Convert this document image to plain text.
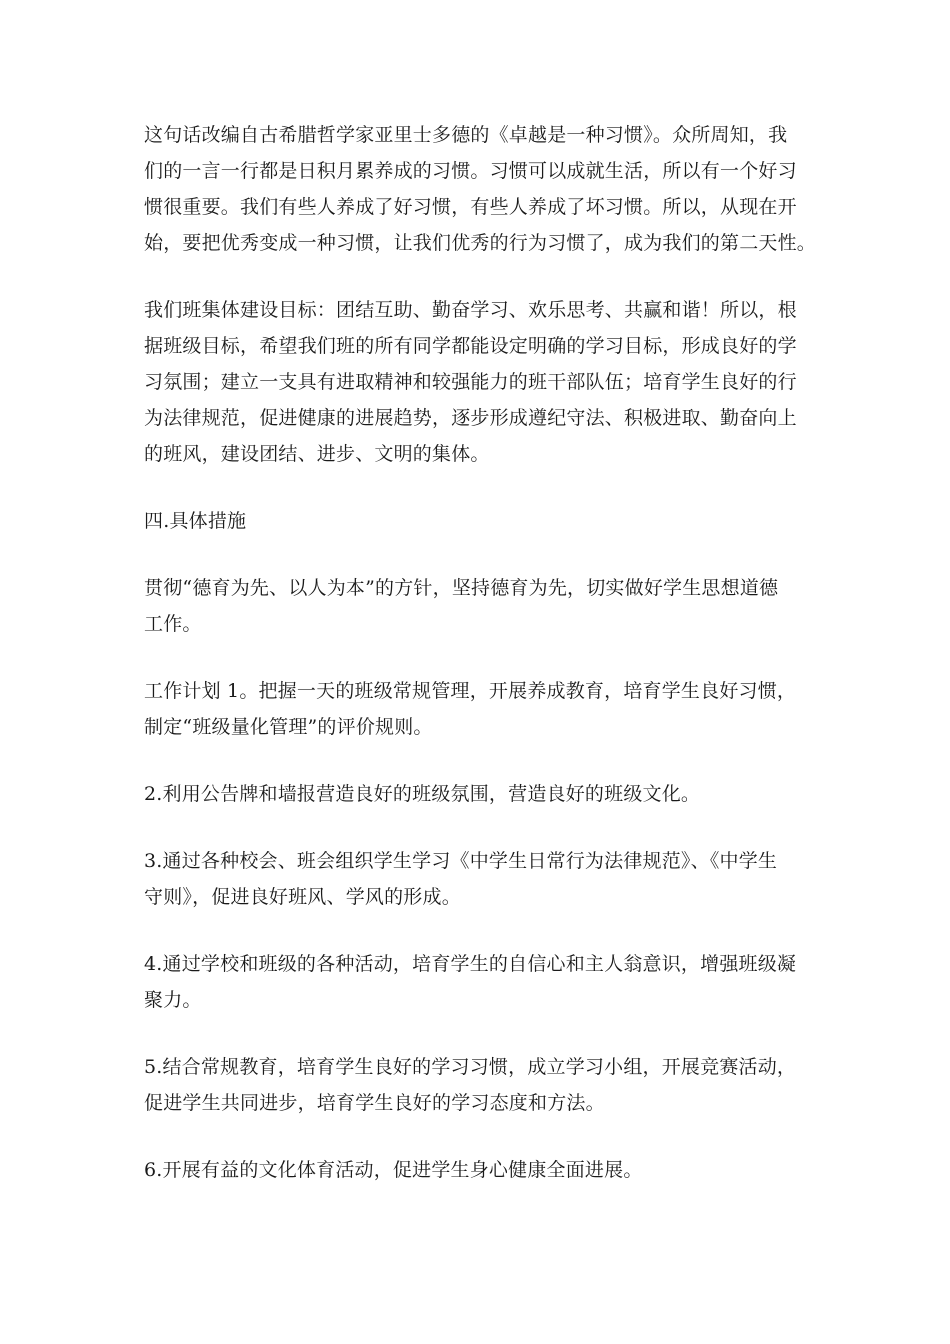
这句话改编自古希腊哲学家亚里士多德的《卓越是一种习惯》。众所周知，我
们的一言一行都是日积月累养成的习惯。习惯可以成就生活，所以有一个好习
惯很重要。我们有些人养成了好习惯，有些人养成了坏习惯。所以，从现在开
始，要把优秀变成一种习惯，让我们优秀的行为习惯了，成为我们的第二天性。

我们班集体建设目标：团结互助、勤奋学习、欢乐思考、共赢和谐！所以，根
据班级目标，希望我们班的所有同学都能设定明确的学习目标，形成良好的学
习氛围；建立一支具有进取精神和较强能力的班干部队伍；培育学生良好的行
为法律规范，促进健康的进展趋势，逐步形成遵纪守法、积极进取、勤奋向上
的班风，建设团结、进步、文明的集体。

四.具体措施

贯彻“德育为先、以人为本”的方针，坚持德育为先，切实做好学生思想道德
工作。

工作计划 1。把握一天的班级常规管理，开展养成教育，培育学生良好习惯，
制定“班级量化管理”的评价规则。

2.利用公告牌和墙报营造良好的班级氛围，营造良好的班级文化。

3.通过各种校会、班会组织学生学习《中学生日常行为法律规范》、《中学生
守则》，促进良好班风、学风的形成。

4.通过学校和班级的各种活动，培育学生的自信心和主人翁意识，增强班级凝
聚力。

5.结合常规教育，培育学生良好的学习习惯，成立学习小组，开展竞赛活动，
促进学生共同进步，培育学生良好的学习态度和方法。

6.开展有益的文化体育活动，促进学生身心健康全面进展。
